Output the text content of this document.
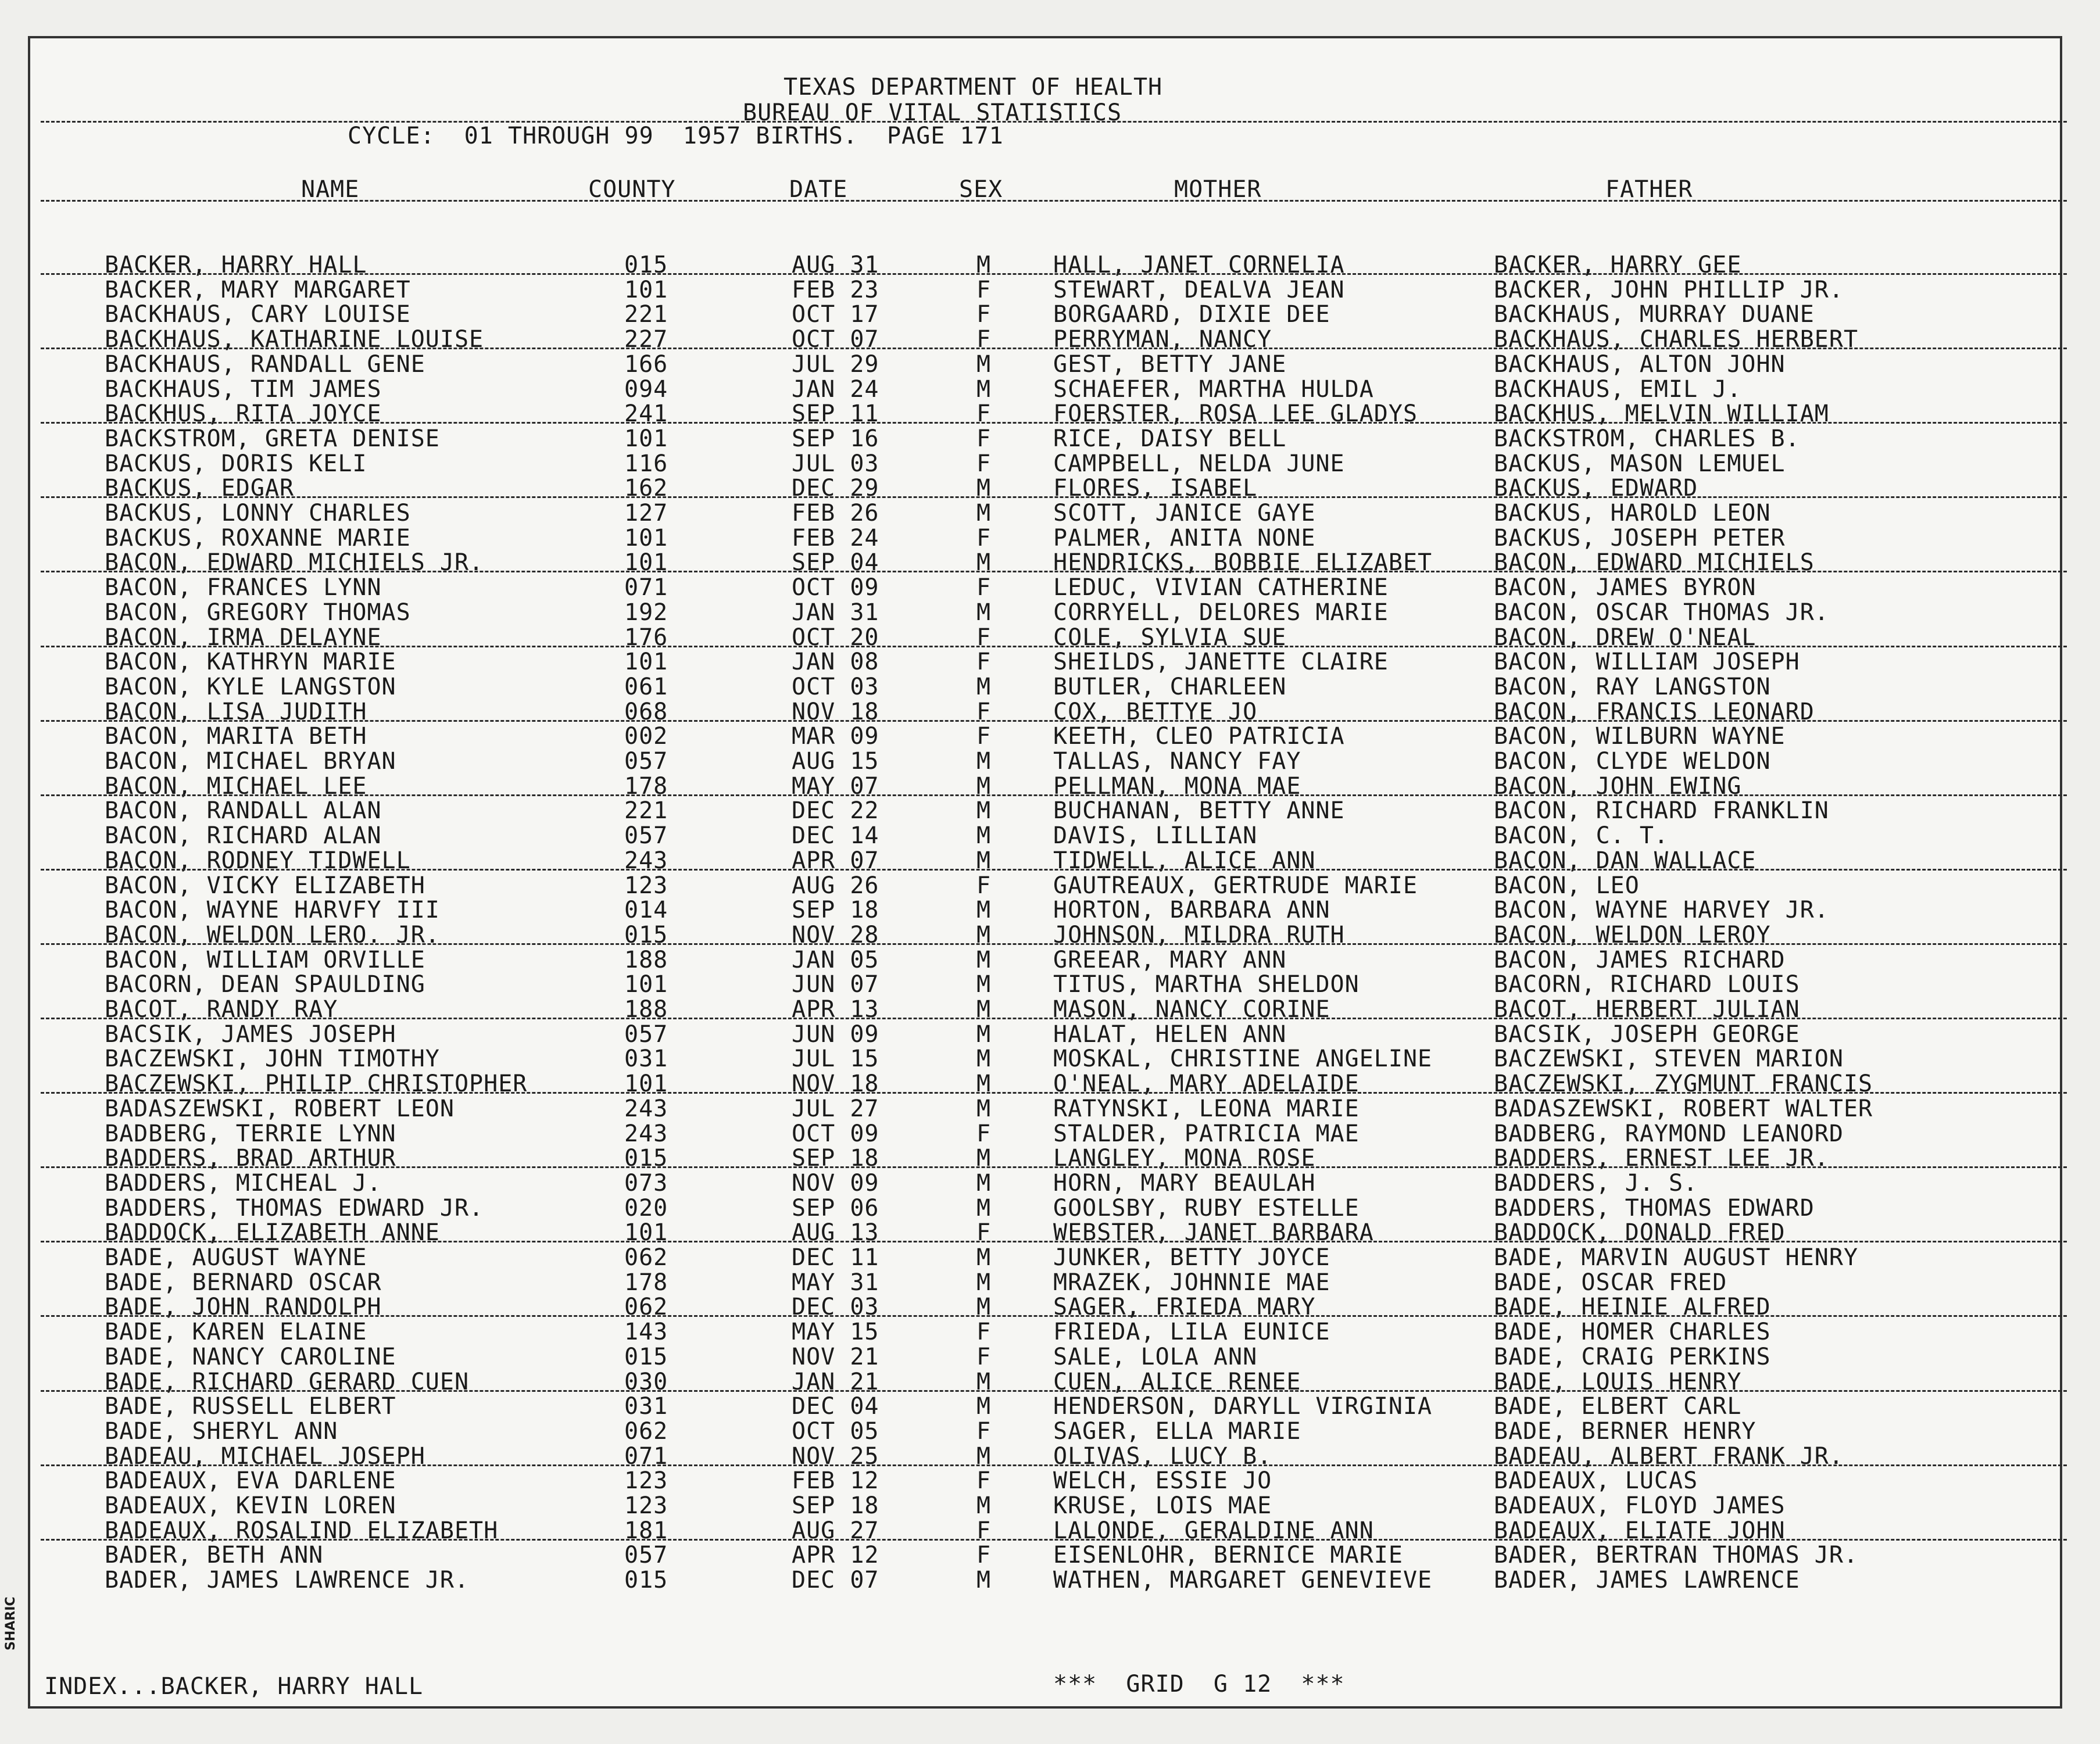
TEXAS DEPARTMENT OF HEALTH
BUREAU OF VITAL STATISTICS
CYCLE:  01 THROUGH 99  1957 BIRTHS.  PAGE 171
NAME	COUNTY	DATE	SEX	MOTHER	FATHER
BACKER, HARRY HALL	015	AUG 31	M	HALL, JANET CORNELIA	BACKER, HARRY GEE
BACKER, MARY MARGARET	101	FEB 23	F	STEWART, DEALVA JEAN	BACKER, JOHN PHILLIP JR.
BACKHAUS, CARY LOUISE	221	OCT 17	F	BORGAARD, DIXIE DEE	BACKHAUS, MURRAY DUANE
BACKHAUS, KATHARINE LOUISE	227	OCT 07	F	PERRYMAN, NANCY	BACKHAUS, CHARLES HERBERT
BACKHAUS, RANDALL GENE	166	JUL 29	M	GEST, BETTY JANE	BACKHAUS, ALTON JOHN
BACKHAUS, TIM JAMES	094	JAN 24	M	SCHAEFER, MARTHA HULDA	BACKHAUS, EMIL J.
BACKHUS, RITA JOYCE	241	SEP 11	F	FOERSTER, ROSA LEE GLADYS	BACKHUS, MELVIN WILLIAM
BACKSTROM, GRETA DENISE	101	SEP 16	F	RICE, DAISY BELL	BACKSTROM, CHARLES B.
BACKUS, DORIS KELI	116	JUL 03	F	CAMPBELL, NELDA JUNE	BACKUS, MASON LEMUEL
BACKUS, EDGAR	162	DEC 29	M	FLORES, ISABEL	BACKUS, EDWARD
BACKUS, LONNY CHARLES	127	FEB 26	M	SCOTT, JANICE GAYE	BACKUS, HAROLD LEON
BACKUS, ROXANNE MARIE	101	FEB 24	F	PALMER, ANITA NONE	BACKUS, JOSEPH PETER
BACON, EDWARD MICHIELS JR.	101	SEP 04	M	HENDRICKS, BOBBIE ELIZABET	BACON, EDWARD MICHIELS
BACON, FRANCES LYNN	071	OCT 09	F	LEDUC, VIVIAN CATHERINE	BACON, JAMES BYRON
BACON, GREGORY THOMAS	192	JAN 31	M	CORRYELL, DELORES MARIE	BACON, OSCAR THOMAS JR.
BACON, IRMA DELAYNE	176	OCT 20	F	COLE, SYLVIA SUE	BACON, DREW O'NEAL
BACON, KATHRYN MARIE	101	JAN 08	F	SHEILDS, JANETTE CLAIRE	BACON, WILLIAM JOSEPH
BACON, KYLE LANGSTON	061	OCT 03	M	BUTLER, CHARLEEN	BACON, RAY LANGSTON
BACON, LISA JUDITH	068	NOV 18	F	COX, BETTYE JO	BACON, FRANCIS LEONARD
BACON, MARITA BETH	002	MAR 09	F	KEETH, CLEO PATRICIA	BACON, WILBURN WAYNE
BACON, MICHAEL BRYAN	057	AUG 15	M	TALLAS, NANCY FAY	BACON, CLYDE WELDON
BACON, MICHAEL LEE	178	MAY 07	M	PELLMAN, MONA MAE	BACON, JOHN EWING
BACON, RANDALL ALAN	221	DEC 22	M	BUCHANAN, BETTY ANNE	BACON, RICHARD FRANKLIN
BACON, RICHARD ALAN	057	DEC 14	M	DAVIS, LILLIAN	BACON, C. T.
BACON, RODNEY TIDWELL	243	APR 07	M	TIDWELL, ALICE ANN	BACON, DAN WALLACE
BACON, VICKY ELIZABETH	123	AUG 26	F	GAUTREAUX, GERTRUDE MARIE	BACON, LEO
BACON, WAYNE HARVFY III	014	SEP 18	M	HORTON, BARBARA ANN	BACON, WAYNE HARVEY JR.
BACON, WELDON LERO. JR.	015	NOV 28	M	JOHNSON, MILDRA RUTH	BACON, WELDON LEROY
BACON, WILLIAM ORVILLE	188	JAN 05	M	GREEAR, MARY ANN	BACON, JAMES RICHARD
BACORN, DEAN SPAULDING	101	JUN 07	M	TITUS, MARTHA SHELDON	BACORN, RICHARD LOUIS
BACOT, RANDY RAY	188	APR 13	M	MASON, NANCY CORINE	BACOT, HERBERT JULIAN
BACSIK, JAMES JOSEPH	057	JUN 09	M	HALAT, HELEN ANN	BACSIK, JOSEPH GEORGE
BACZEWSKI, JOHN TIMOTHY	031	JUL 15	M	MOSKAL, CHRISTINE ANGELINE	BACZEWSKI, STEVEN MARION
BACZEWSKI, PHILIP CHRISTOPHER	101	NOV 18	M	O'NEAL, MARY ADELAIDE	BACZEWSKI, ZYGMUNT FRANCIS
BADASZEWSKI, ROBERT LEON	243	JUL 27	M	RATYNSKI, LEONA MARIE	BADASZEWSKI, ROBERT WALTER
BADBERG, TERRIE LYNN	243	OCT 09	F	STALDER, PATRICIA MAE	BADBERG, RAYMOND LEANORD
BADDERS, BRAD ARTHUR	015	SEP 18	M	LANGLEY, MONA ROSE	BADDERS, ERNEST LEE JR.
BADDERS, MICHEAL J.	073	NOV 09	M	HORN, MARY BEAULAH	BADDERS, J. S.
BADDERS, THOMAS EDWARD JR.	020	SEP 06	M	GOOLSBY, RUBY ESTELLE	BADDERS, THOMAS EDWARD
BADDOCK, ELIZABETH ANNE	101	AUG 13	F	WEBSTER, JANET BARBARA	BADDOCK, DONALD FRED
BADE, AUGUST WAYNE	062	DEC 11	M	JUNKER, BETTY JOYCE	BADE, MARVIN AUGUST HENRY
BADE, BERNARD OSCAR	178	MAY 31	M	MRAZEK, JOHNNIE MAE	BADE, OSCAR FRED
BADE, JOHN RANDOLPH	062	DEC 03	M	SAGER, FRIEDA MARY	BADE, HEINIE ALFRED
BADE, KAREN ELAINE	143	MAY 15	F	FRIEDA, LILA EUNICE	BADE, HOMER CHARLES
BADE, NANCY CAROLINE	015	NOV 21	F	SALE, LOLA ANN	BADE, CRAIG PERKINS
BADE, RICHARD GERARD CUEN	030	JAN 21	M	CUEN, ALICE RENEE	BADE, LOUIS HENRY
BADE, RUSSELL ELBERT	031	DEC 04	M	HENDERSON, DARYLL VIRGINIA	BADE, ELBERT CARL
BADE, SHERYL ANN	062	OCT 05	F	SAGER, ELLA MARIE	BADE, BERNER HENRY
BADEAU, MICHAEL JOSEPH	071	NOV 25	M	OLIVAS, LUCY B.	BADEAU, ALBERT FRANK JR.
BADEAUX, EVA DARLENE	123	FEB 12	F	WELCH, ESSIE JO	BADEAUX, LUCAS
BADEAUX, KEVIN LOREN	123	SEP 18	M	KRUSE, LOIS MAE	BADEAUX, FLOYD JAMES
BADEAUX, ROSALIND ELIZABETH	181	AUG 27	F	LALONDE, GERALDINE ANN	BADEAUX, ELIATE JOHN
BADER, BETH ANN	057	APR 12	F	EISENLOHR, BERNICE MARIE	BADER, BERTRAN THOMAS JR.
BADER, JAMES LAWRENCE JR.	015	DEC 07	M	WATHEN, MARGARET GENEVIEVE	BADER, JAMES LAWRENCE
INDEX...BACKER, HARRY HALL	***  GRID  G 12  ***
SHARIC
